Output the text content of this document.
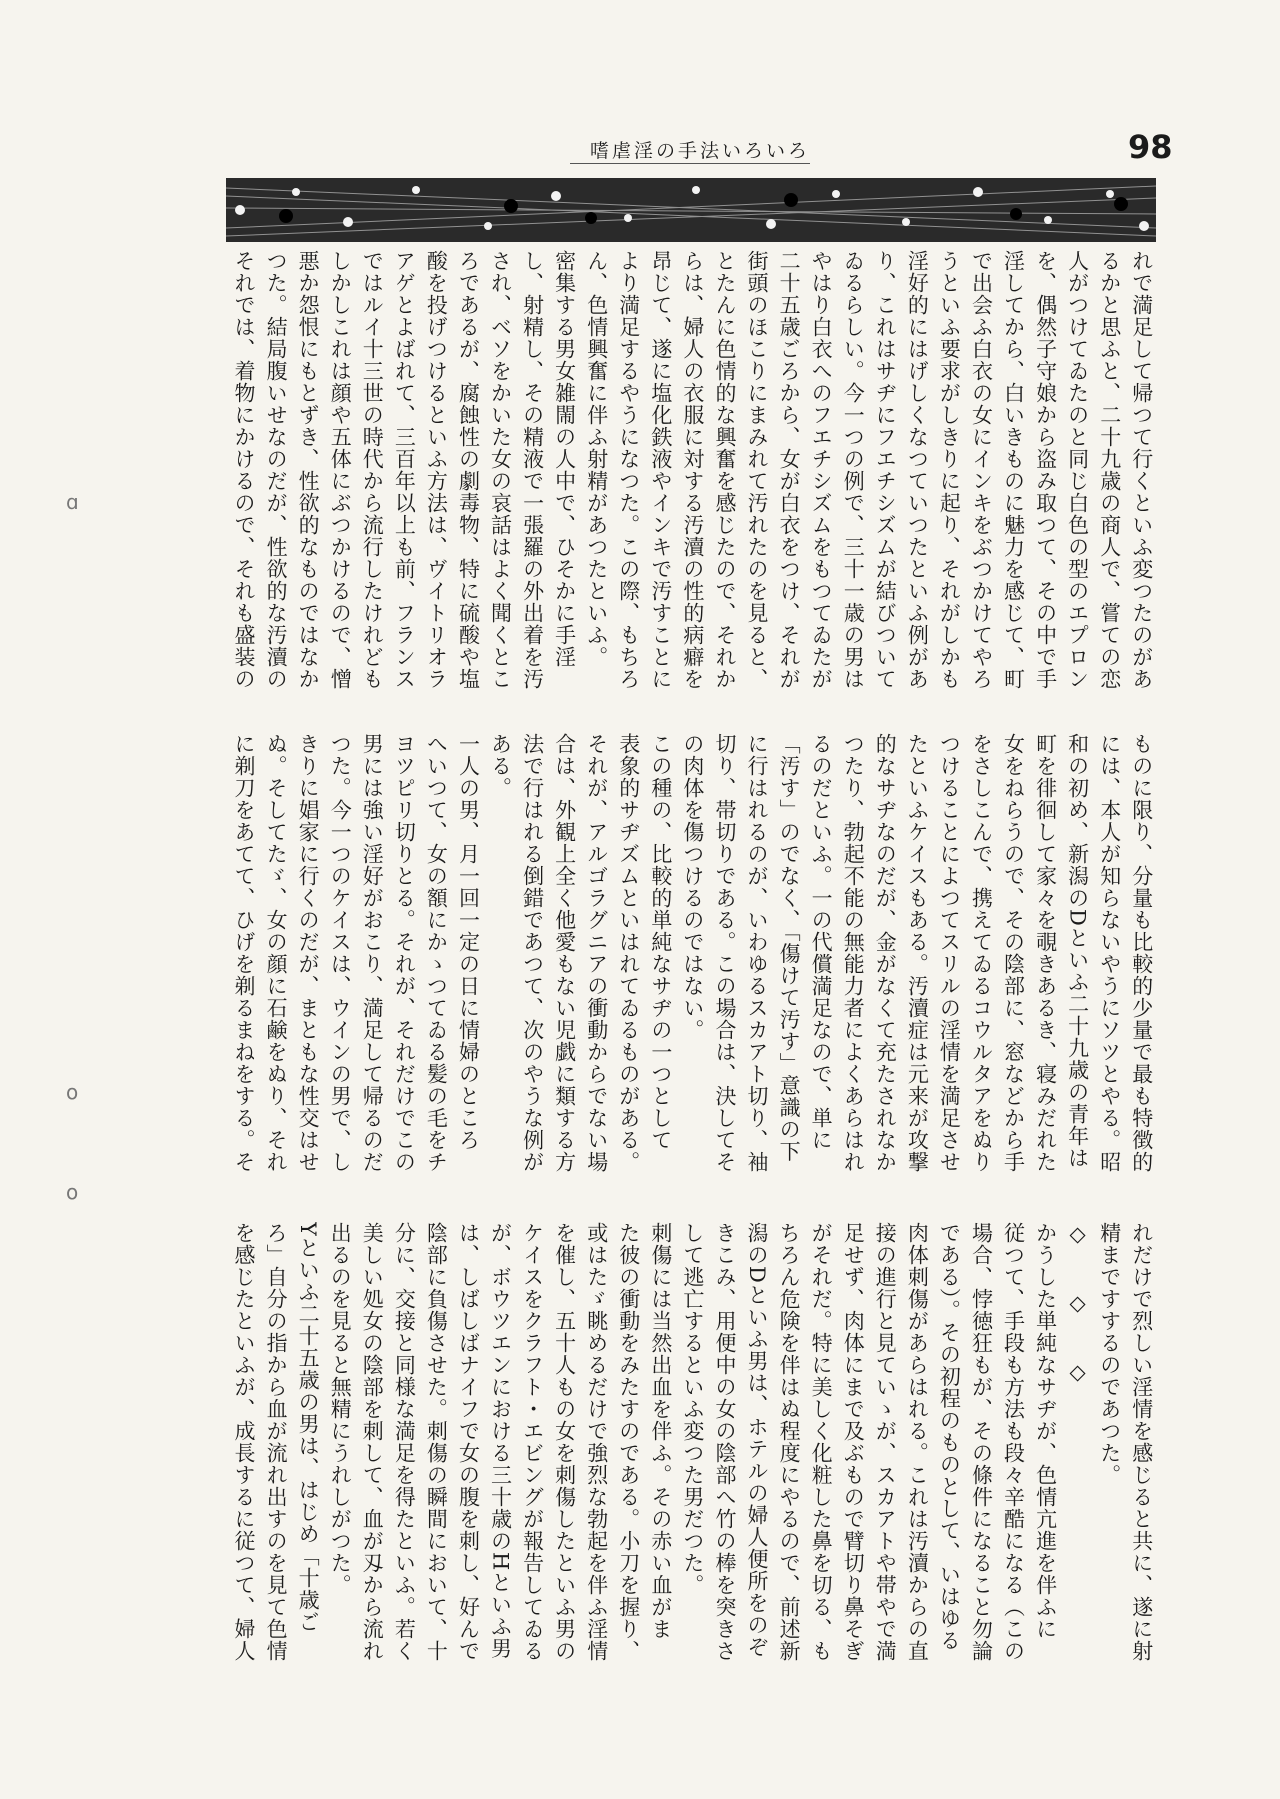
嗜虐淫の手法いろいろ	98
れで満足して帰つて行くといふ変つたのがあ
るかと思ふと、二十九歳の商人で、嘗ての恋
人がつけてゐたのと同じ白色の型のエプロン
を、偶然子守娘から盗み取つて、その中で手
淫してから、白いきものに魅力を感じて、町
で出会ふ白衣の女にインキをぶつかけてやろ
うといふ要求がしきりに起り、それがしかも
淫好的にはげしくなつていつたといふ例があ
り、これはサヂにフエチシズムが結びついて
ゐるらしい。今一つの例で、三十一歳の男は
やはり白衣へのフエチシズムをもつてゐたが
二十五歳ごろから、女が白衣をつけ、それが
街頭のほこりにまみれて汚れたのを見ると、
とたんに色情的な興奮を感じたので、それか
らは、婦人の衣服に対する汚瀆の性的病癖を
昂じて、遂に塩化鉄液やインキで汚すことに
より満足するやうになつた。この際、もちろ
ん、色情興奮に伴ふ射精があつたといふ。
密集する男女雑閙の人中で、ひそかに手淫
し、射精し、その精液で一張羅の外出着を汚
され、ベソをかいた女の哀話はよく聞くとこ
ろであるが、腐蝕性の劇毒物、特に硫酸や塩
酸を投げつけるといふ方法は、ヴイトリオラ
アゲとよばれて、三百年以上も前、フランス
ではルイ十三世の時代から流行したけれども
しかしこれは顔や五体にぶつかけるので、憎
悪か怨恨にもとずき、性欲的なものではなか
つた。結局腹いせなのだが、性欲的な汚瀆の
それでは、着物にかけるので、それも盛装の
ものに限り、分量も比較的少量で最も特徴的
には、本人が知らないやうにソツとやる。昭
和の初め、新潟のDといふ二十九歳の青年は
町を徘徊して家々を覗きあるき、寝みだれた
女をねらうので、その陰部に、窓などから手
をさしこんで、携えてゐるコウルタアをぬり
つけることによつてスリルの淫情を満足させ
たといふケイスもある。汚瀆症は元来が攻撃
的なサヂなのだが、金がなくて充たされなか
つたり、勃起不能の無能力者によくあらはれ
るのだといふ。一の代償満足なので、単に
「汚す」のでなく、「傷けて汚す」意識の下
に行はれるのが、いわゆるスカアト切り、袖
切り、帯切りである。この場合は、決してそ
の肉体を傷つけるのではない。
この種の、比較的単純なサヂの一つとして
表象的サヂズムといはれてゐるものがある。
それが、アルゴラグニアの衝動からでない場
合は、外観上全く他愛もない児戯に類する方
法で行はれる倒錯であつて、次のやうな例が
ある。
一人の男、月一回一定の日に情婦のところ
へいつて、女の額にかゝつてゐる髪の毛をチ
ヨツピリ切りとる。それが、それだけでこの
男には強い淫好がおこり、満足して帰るのだ
つた。今一つのケイスは、ウインの男で、し
きりに娼家に行くのだが、まともな性交はせ
ぬ。そしてたゞ、女の顔に石鹸をぬり、それ
に剃刀をあてて、ひげを剃るまねをする。そ
れだけで烈しい淫情を感じると共に、遂に射
精まですするのであつた。
◇　　◇　　◇
かうした単純なサヂが、色情亢進を伴ふに
従つて、手段も方法も段々辛酷になる（この
場合、悖徳狂もが、その條件になること勿論
である）。その初程のものとして、いはゆる
肉体刺傷があらはれる。これは汚瀆からの直
接の進行と見ていゝが、スカアトや帯やで満
足せず、肉体にまで及ぶもので臂切り鼻そぎ
がそれだ。特に美しく化粧した鼻を切る、も
ちろん危険を伴はぬ程度にやるので、前述新
潟のDといふ男は、ホテルの婦人便所をのぞ
きこみ、用便中の女の陰部へ竹の棒を突きさ
して逃亡するといふ変つた男だつた。
刺傷には当然出血を伴ふ。その赤い血がま
た彼の衝動をみたすのである。小刀を握り、
或はたゞ眺めるだけで強烈な勃起を伴ふ淫情
を催し、五十人もの女を刺傷したといふ男の
ケイスをクラフト・エビングが報告してゐる
が、ボウツエンにおける三十歳のHといふ男
は、しばしばナイフで女の腹を刺し、好んで
陰部に負傷させた。刺傷の瞬間において、十
分に、交接と同様な満足を得たといふ。若く
美しい処女の陰部を刺して、血が刄から流れ
出るのを見ると無精にうれしがつた。
Yといふ二十五歳の男は、はじめ「十歳ご
ろ」自分の指から血が流れ出すのを見て色情
を感じたといふが、成長するに従つて、婦人
ɑ
ο
ο
